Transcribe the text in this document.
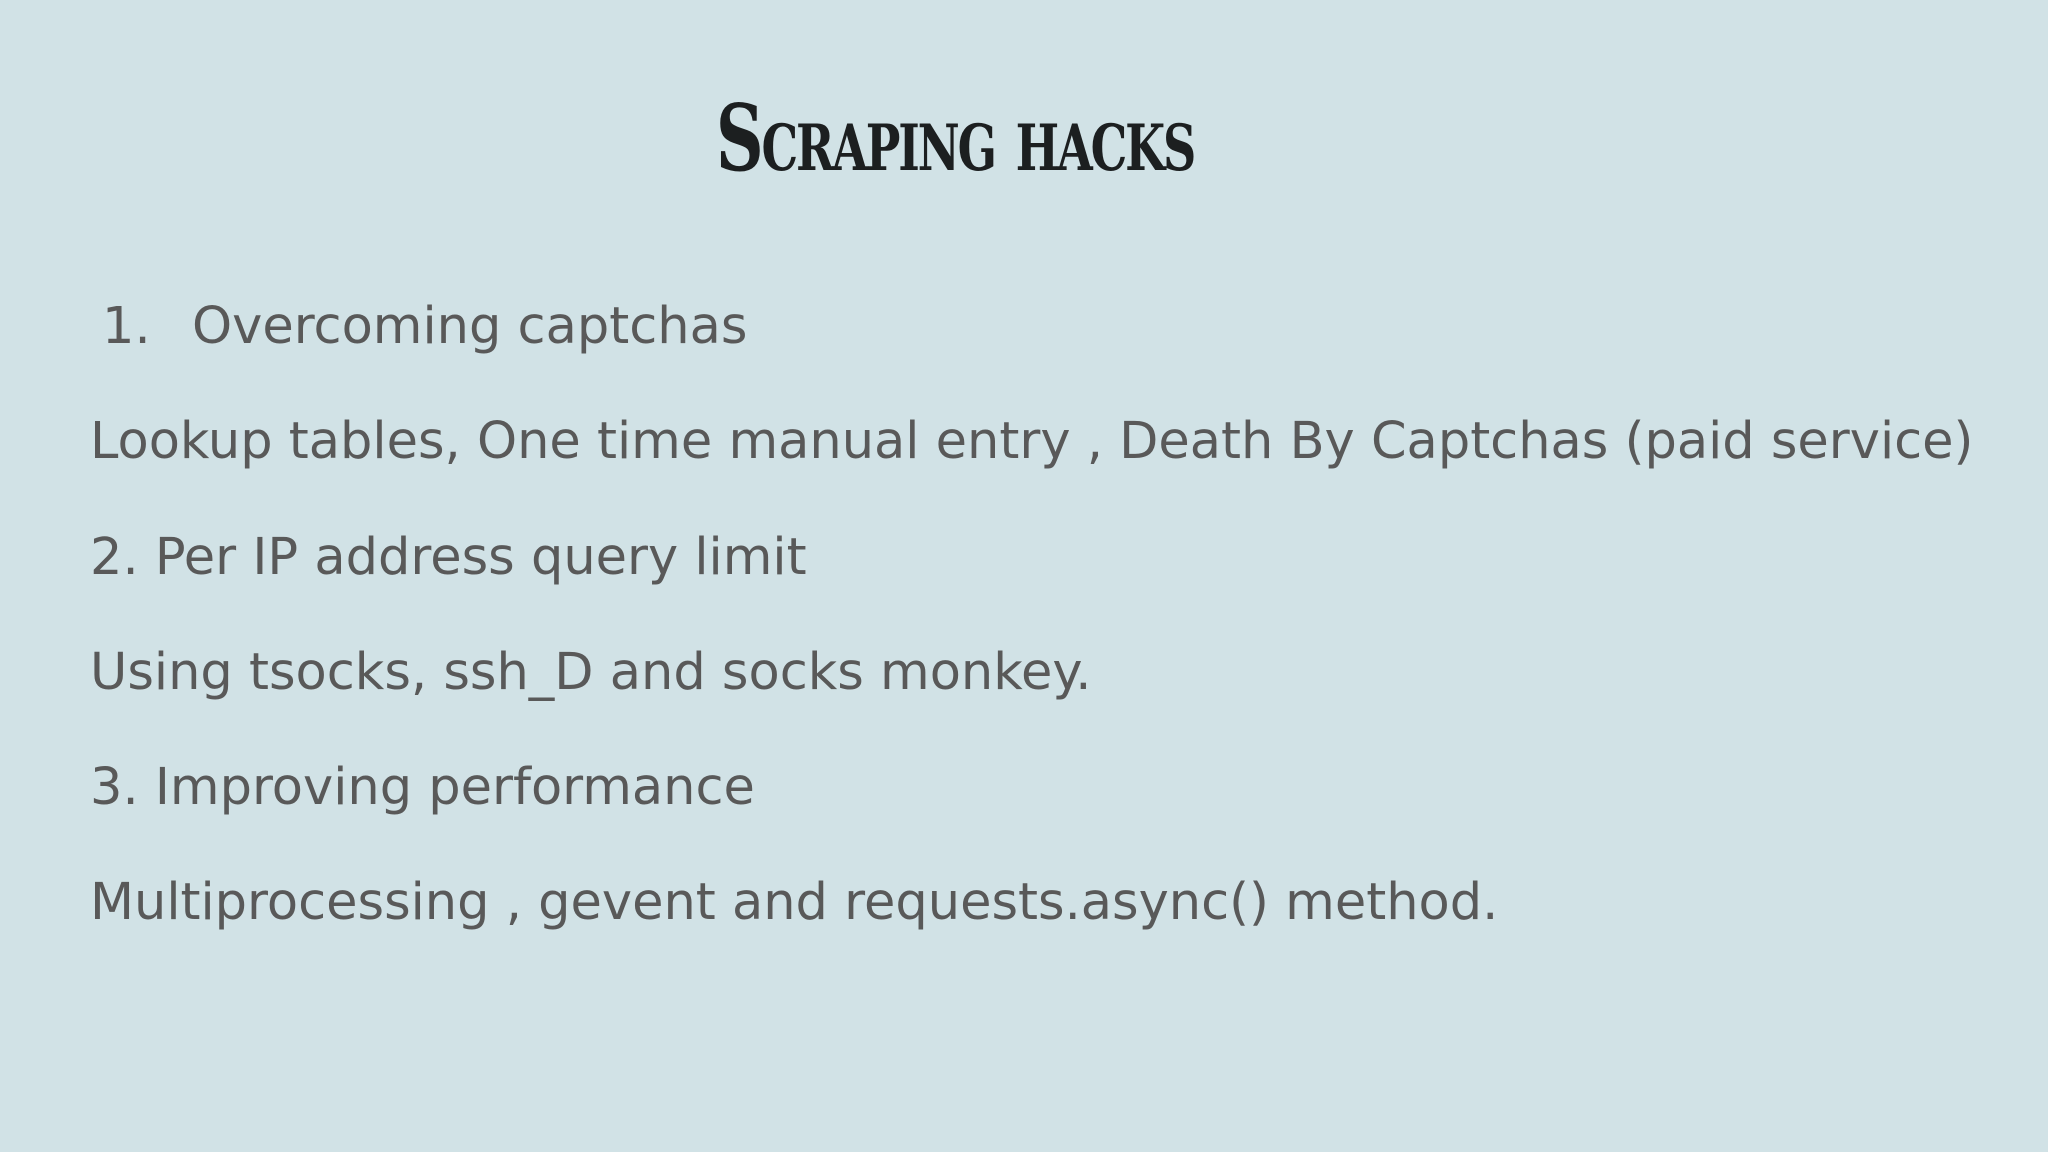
Scraping hacks
1. Overcoming captchas
Lookup tables, One time manual entry , Death By Captchas (paid service)
2. Per IP address query limit
Using tsocks, ssh_D and socks monkey.
3. Improving performance
Multiprocessing , gevent and requests.async() method.
